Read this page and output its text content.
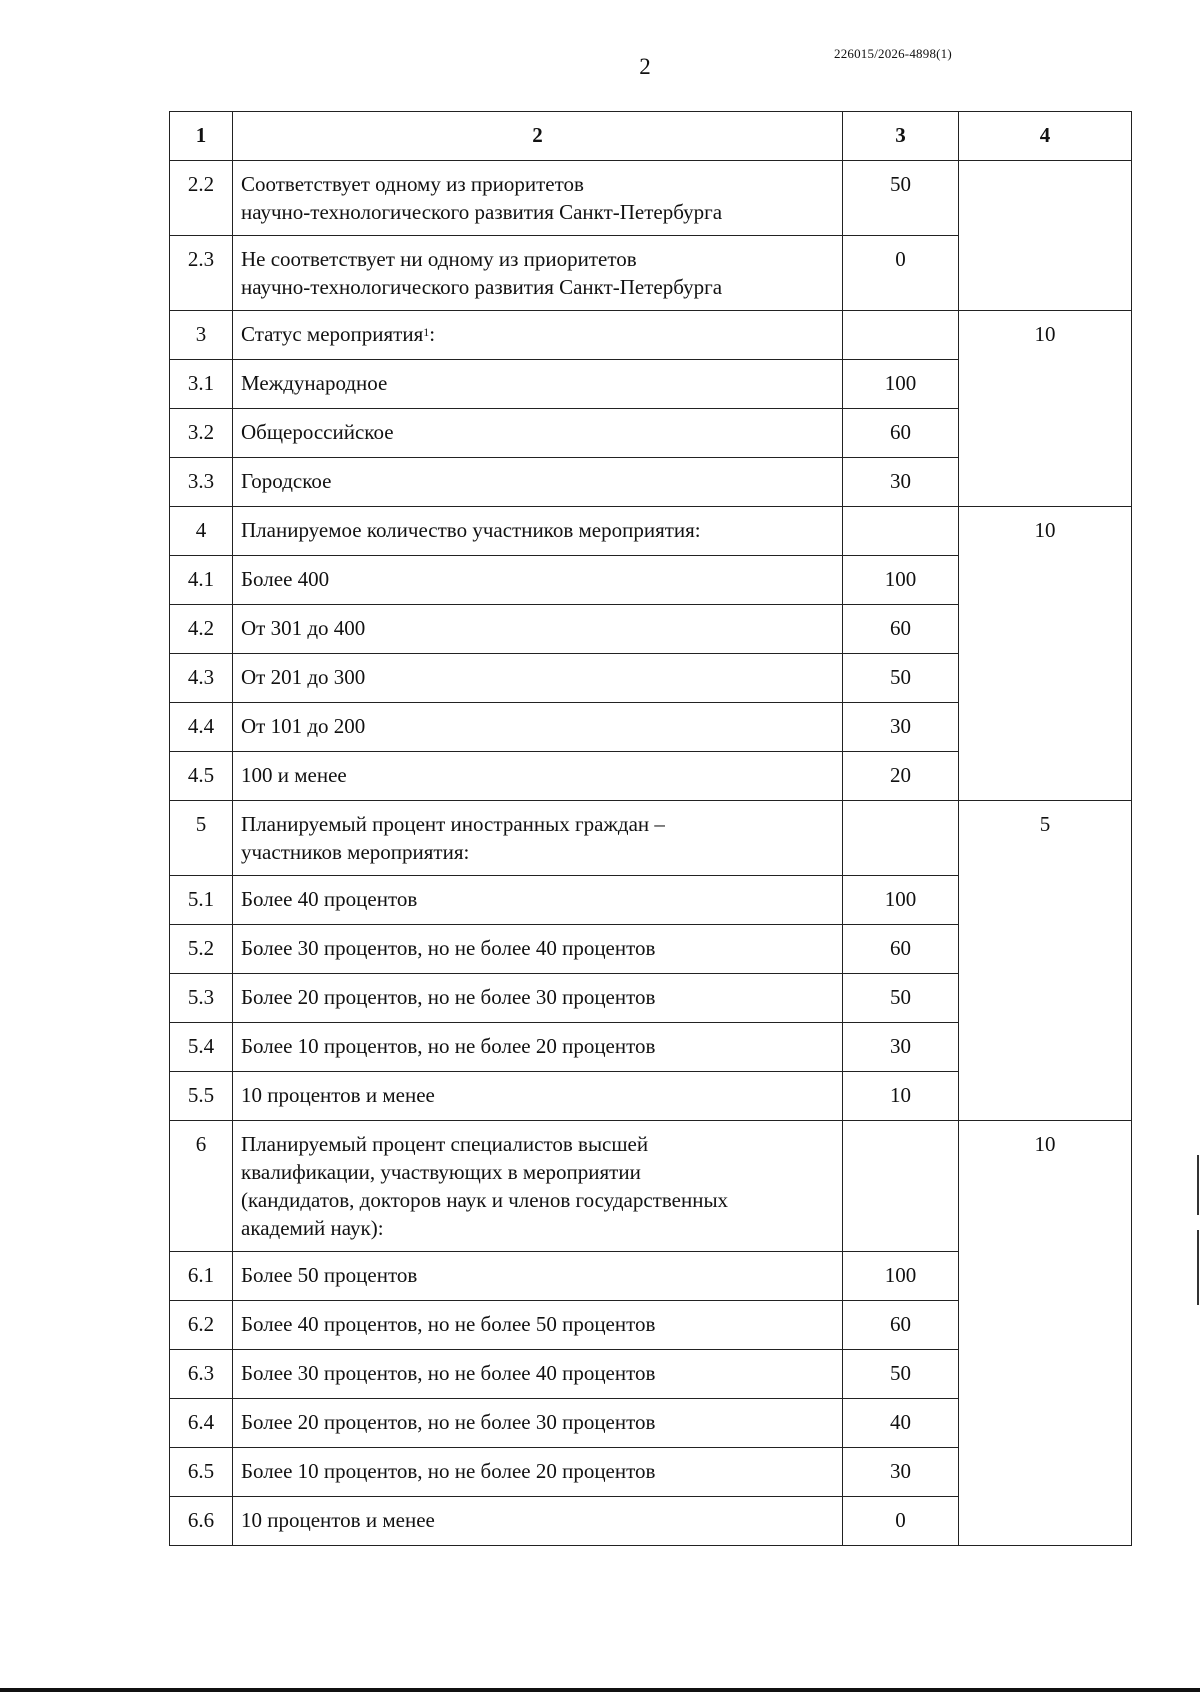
2
226015/2026-4898(1)
1	2	3	4
2.2	Соответствует одному из приоритетов
научно-технологического развития Санкт-Петербурга	50	
2.3	Не соответствует ни одному из приоритетов
научно-технологического развития Санкт-Петербурга	0	
3	Статус мероприятия$^1$:		10
3.1	Международное	100	
3.2	Общероссийское	60	
3.3	Городское	30	
4	Планируемое количество участников мероприятия:		10
4.1	Более 400	100	
4.2	От 301 до 400	60	
4.3	От 201 до 300	50	
4.4	От 101 до 200	30	
4.5	100 и менее	20	
5	Планируемый процент иностранных граждан –
участников мероприятия:		5
5.1	Более 40 процентов	100	
5.2	Более 30 процентов, но не более 40 процентов	60	
5.3	Более 20 процентов, но не более 30 процентов	50	
5.4	Более 10 процентов, но не более 20 процентов	30	
5.5	10 процентов и менее	10	
6	Планируемый процент специалистов высшей
квалификации, участвующих в мероприятии
(кандидатов, докторов наук и членов государственных
академий наук):		10
6.1	Более 50 процентов	100	
6.2	Более 40 процентов, но не более 50 процентов	60	
6.3	Более 30 процентов, но не более 40 процентов	50	
6.4	Более 20 процентов, но не более 30 процентов	40	
6.5	Более 10 процентов, но не более 20 процентов	30	
6.6	10 процентов и менее	0	
